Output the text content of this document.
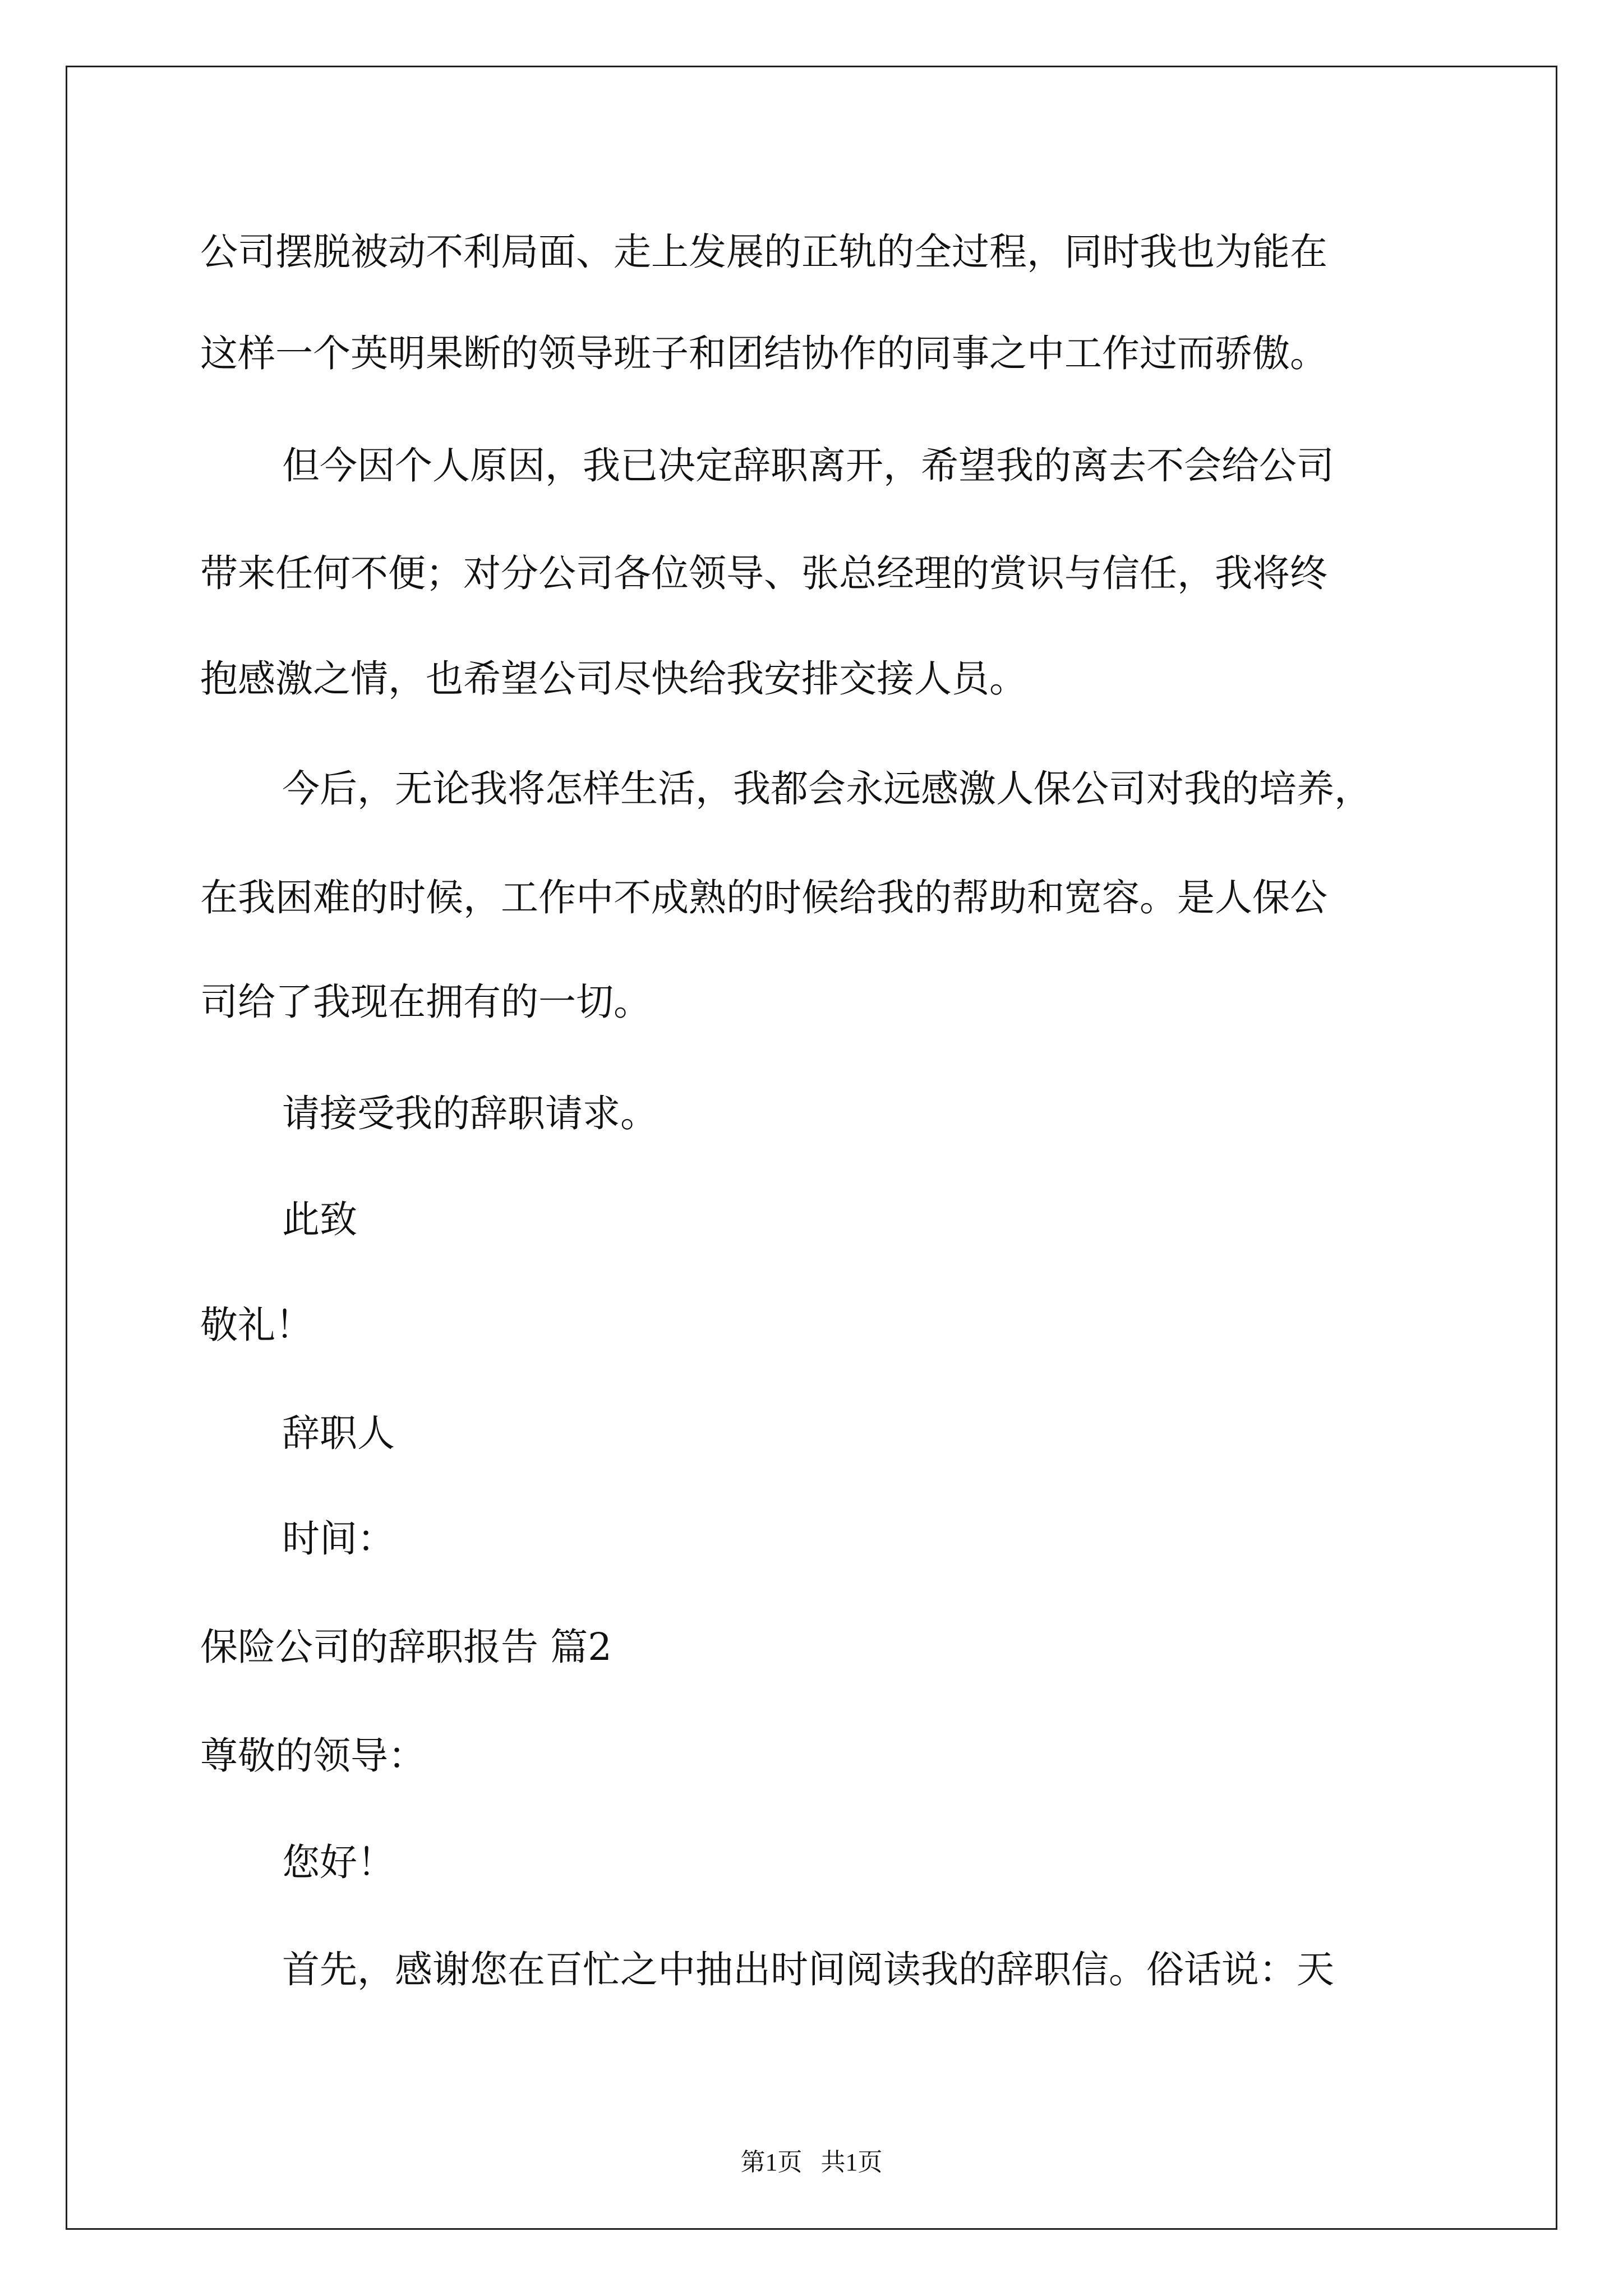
公司摆脱被动不利局面、走上发展的正轨的全过程，同时我也为能在
这样一个英明果断的领导班子和团结协作的同事之中工作过而骄傲。
但今因个人原因，我已决定辞职离开，希望我的离去不会给公司
带来任何不便；对分公司各位领导、张总经理的赏识与信任，我将终
抱感激之情，也希望公司尽快给我安排交接人员。
今后，无论我将怎样生活，我都会永远感激人保公司对我的培养，
在我困难的时候，工作中不成熟的时候给我的帮助和宽容。是人保公
司给了我现在拥有的一切。
请接受我的辞职请求。
此致
敬礼！
辞职人
时间：
保险公司的辞职报告 篇2
尊敬的领导：
您好！
首先，感谢您在百忙之中抽出时间阅读我的辞职信。俗话说：天
第1页   共1页
